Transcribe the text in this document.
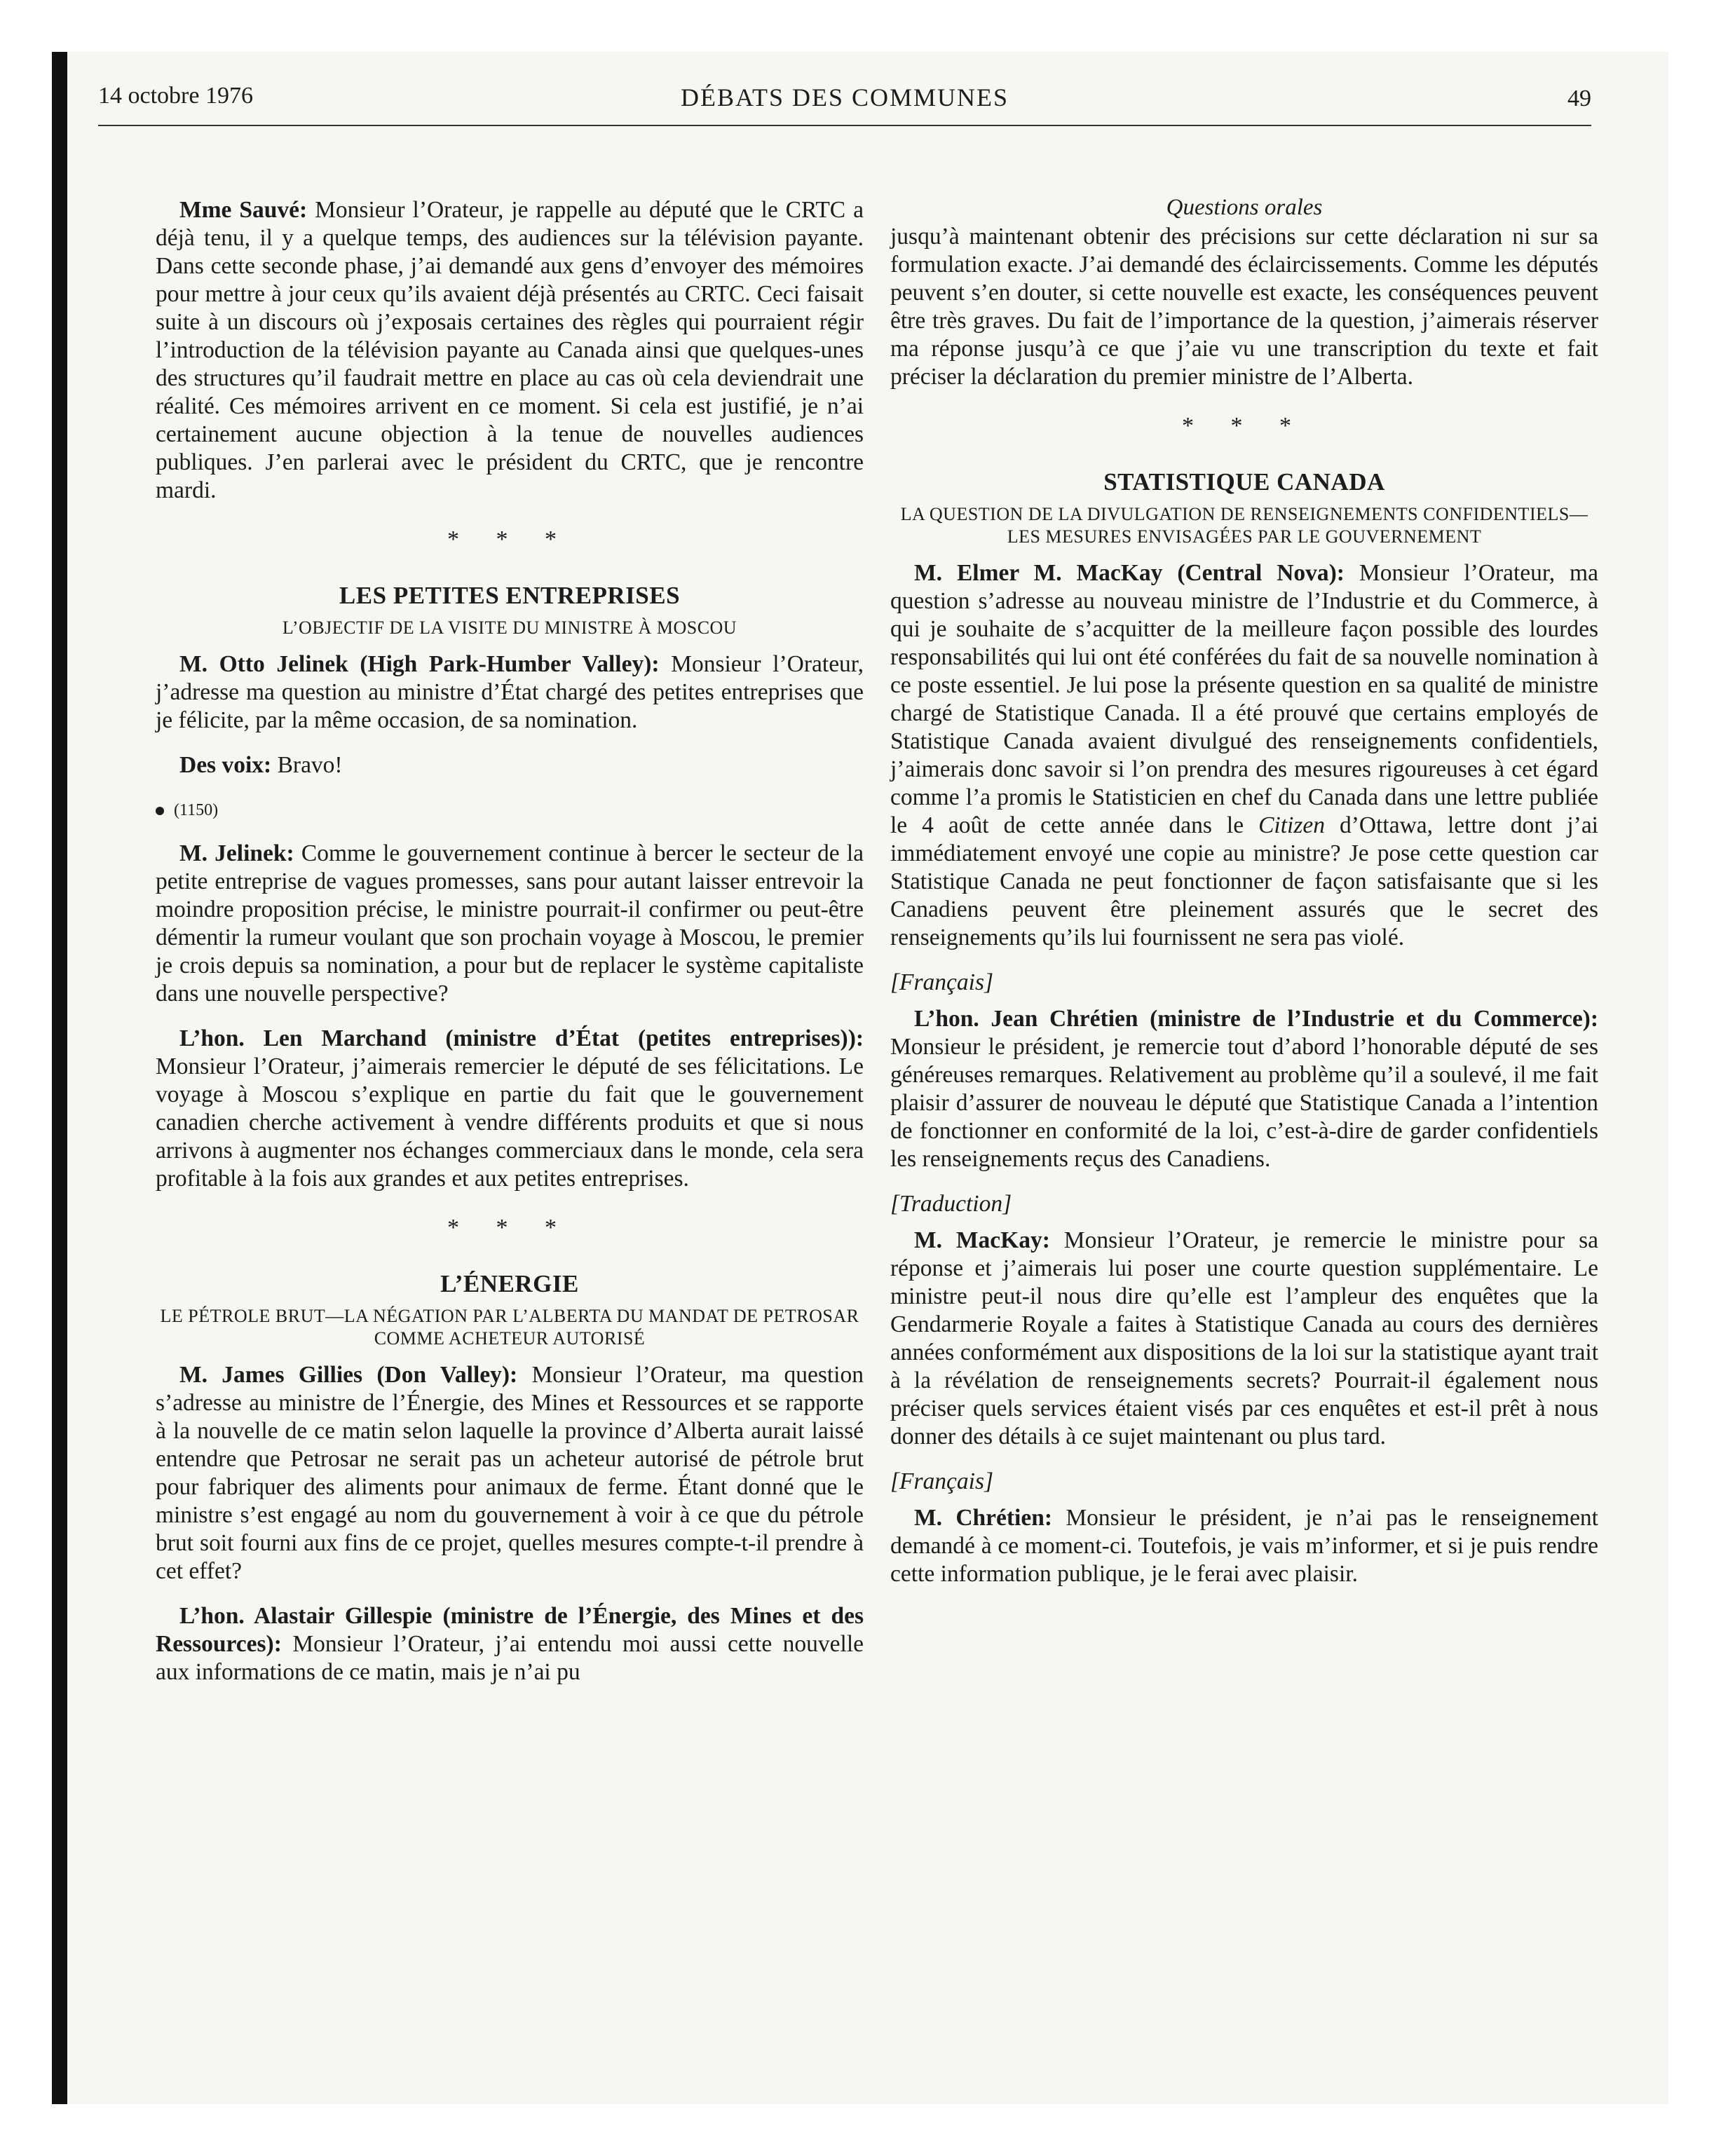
14 octobre 1976	DÉBATS DES COMMUNES	49
Questions orales

Mme Sauvé: Monsieur l’Orateur, je rappelle au député que le CRTC a déjà tenu, il y a quelque temps, des audiences sur la télévision payante. Dans cette seconde phase, j’ai demandé aux gens d’envoyer des mémoires pour mettre à jour ceux qu’ils avaient déjà présentés au CRTC. Ceci faisait suite à un discours où j’exposais certaines des règles qui pourraient régir l’introduction de la télévision payante au Canada ainsi que quelques-unes des structures qu’il faudrait mettre en place au cas où cela deviendrait une réalité. Ces mémoires arrivent en ce moment. Si cela est justifié, je n’ai certainement aucune objection à la tenue de nouvelles audiences publiques. J’en parlerai avec le président du CRTC, que je rencontre mardi.

* * *
LES PETITES ENTREPRISES
L’OBJECTIF DE LA VISITE DU MINISTRE À MOSCOU

M. Otto Jelinek (High Park-Humber Valley): Monsieur l’Orateur, j’adresse ma question au ministre d’État chargé des petites entreprises que je félicite, par la même occasion, de sa nomination.

Des voix: Bravo!

(1150)

M. Jelinek: Comme le gouvernement continue à bercer le secteur de la petite entreprise de vagues promesses, sans pour autant laisser entrevoir la moindre proposition précise, le ministre pourrait-il confirmer ou peut-être démentir la rumeur voulant que son prochain voyage à Moscou, le premier je crois depuis sa nomination, a pour but de replacer le système capitaliste dans une nouvelle perspective?

L’hon. Len Marchand (ministre d’État (petites entreprises)): Monsieur l’Orateur, j’aimerais remercier le député de ses félicitations. Le voyage à Moscou s’explique en partie du fait que le gouvernement canadien cherche activement à vendre différents produits et que si nous arrivons à augmenter nos échanges commerciaux dans le monde, cela sera profitable à la fois aux grandes et aux petites entreprises.

* * *
L’ÉNERGIE
LE PÉTROLE BRUT—LA NÉGATION PAR L’ALBERTA DU MANDAT DE PETROSAR COMME ACHETEUR AUTORISÉ

M. James Gillies (Don Valley): Monsieur l’Orateur, ma question s’adresse au ministre de l’Énergie, des Mines et Ressources et se rapporte à la nouvelle de ce matin selon laquelle la province d’Alberta aurait laissé entendre que Petrosar ne serait pas un acheteur autorisé de pétrole brut pour fabriquer des aliments pour animaux de ferme. Étant donné que le ministre s’est engagé au nom du gouvernement à voir à ce que du pétrole brut soit fourni aux fins de ce projet, quelles mesures compte-t-il prendre à cet effet?

L’hon. Alastair Gillespie (ministre de l’Énergie, des Mines et des Ressources): Monsieur l’Orateur, j’ai entendu moi aussi cette nouvelle aux informations de ce matin, mais je n’ai pu

jusqu’à maintenant obtenir des précisions sur cette déclaration ni sur sa formulation exacte. J’ai demandé des éclaircissements. Comme les députés peuvent s’en douter, si cette nouvelle est exacte, les conséquences peuvent être très graves. Du fait de l’importance de la question, j’aimerais réserver ma réponse jusqu’à ce que j’aie vu une transcription du texte et fait préciser la déclaration du premier ministre de l’Alberta.

* * *
STATISTIQUE CANADA
LA QUESTION DE LA DIVULGATION DE RENSEIGNEMENTS CONFIDENTIELS—LES MESURES ENVISAGÉES PAR LE GOUVERNEMENT

M. Elmer M. MacKay (Central Nova): Monsieur l’Orateur, ma question s’adresse au nouveau ministre de l’Industrie et du Commerce, à qui je souhaite de s’acquitter de la meilleure façon possible des lourdes responsabilités qui lui ont été conférées du fait de sa nouvelle nomination à ce poste essentiel. Je lui pose la présente question en sa qualité de ministre chargé de Statistique Canada. Il a été prouvé que certains employés de Statistique Canada avaient divulgué des renseignements confidentiels, j’aimerais donc savoir si l’on prendra des mesures rigoureuses à cet égard comme l’a promis le Statisticien en chef du Canada dans une lettre publiée le 4 août de cette année dans le Citizen d’Ottawa, lettre dont j’ai immédiatement envoyé une copie au ministre? Je pose cette question car Statistique Canada ne peut fonctionner de façon satisfaisante que si les Canadiens peuvent être pleinement assurés que le secret des renseignements qu’ils lui fournissent ne sera pas violé.

[Français]

L’hon. Jean Chrétien (ministre de l’Industrie et du Commerce): Monsieur le président, je remercie tout d’abord l’honorable député de ses généreuses remarques. Relativement au problème qu’il a soulevé, il me fait plaisir d’assurer de nouveau le député que Statistique Canada a l’intention de fonctionner en conformité de la loi, c’est-à-dire de garder confidentiels les renseignements reçus des Canadiens.

[Traduction]

M. MacKay: Monsieur l’Orateur, je remercie le ministre pour sa réponse et j’aimerais lui poser une courte question supplémentaire. Le ministre peut-il nous dire qu’elle est l’ampleur des enquêtes que la Gendarmerie Royale a faites à Statistique Canada au cours des dernières années conformément aux dispositions de la loi sur la statistique ayant trait à la révélation de renseignements secrets? Pourrait-il également nous préciser quels services étaient visés par ces enquêtes et est-il prêt à nous donner des détails à ce sujet maintenant ou plus tard.

[Français]

M. Chrétien: Monsieur le président, je n’ai pas le renseignement demandé à ce moment-ci. Toutefois, je vais m’informer, et si je puis rendre cette information publique, je le ferai avec plaisir.
